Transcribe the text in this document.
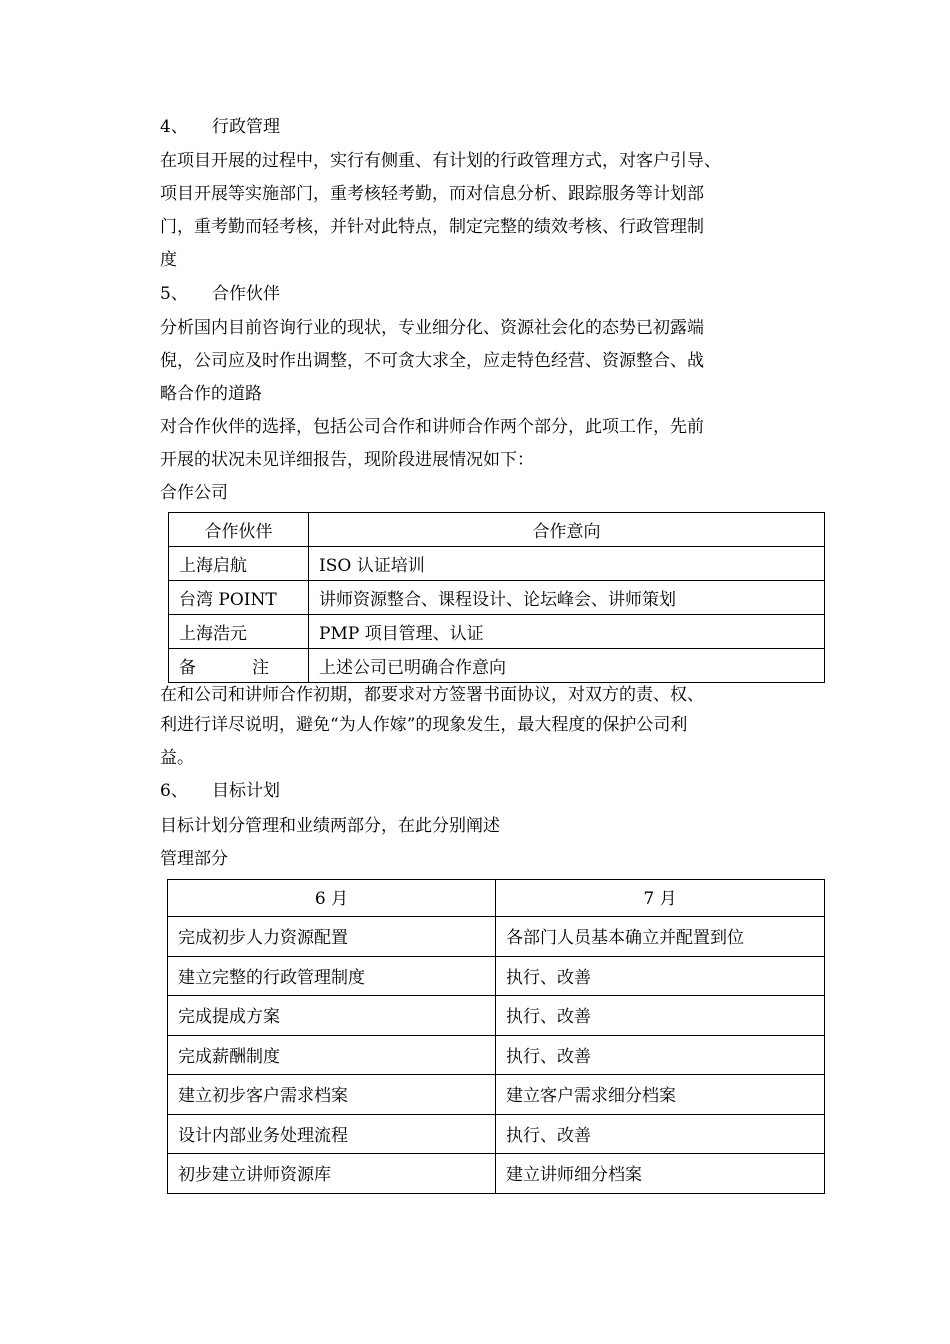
4、 行政管理
在项目开展的过程中，实行有侧重、有计划的行政管理方式，对客户引导、
项目开展等实施部门，重考核轻考勤，而对信息分析、跟踪服务等计划部
门，重考勤而轻考核，并针对此特点，制定完整的绩效考核、行政管理制
度
5、 合作伙伴
分析国内目前咨询行业的现状，专业细分化、资源社会化的态势已初露端
倪，公司应及时作出调整，不可贪大求全，应走特色经营、资源整合、战
略合作的道路
对合作伙伴的选择，包括公司合作和讲师合作两个部分，此项工作，先前
开展的状况未见详细报告，现阶段进展情况如下：
合作公司
合作伙伴	合作意向
上海启航	ISO 认证培训
台湾 POINT	讲师资源整合、课程设计、论坛峰会、讲师策划
上海浩元	PMP 项目管理、认证
备 注	上述公司已明确合作意向
在和公司和讲师合作初期，都要求对方签署书面协议，对双方的责、权、
利进行详尽说明，避免“为人作嫁”的现象发生，最大程度的保护公司利
益。
6、 目标计划
目标计划分管理和业绩两部分，在此分别阐述
管理部分
6 月	7 月
完成初步人力资源配置	各部门人员基本确立并配置到位
建立完整的行政管理制度	执行、改善
完成提成方案	执行、改善
完成薪酬制度	执行、改善
建立初步客户需求档案	建立客户需求细分档案
设计内部业务处理流程	执行、改善
初步建立讲师资源库	建立讲师细分档案
